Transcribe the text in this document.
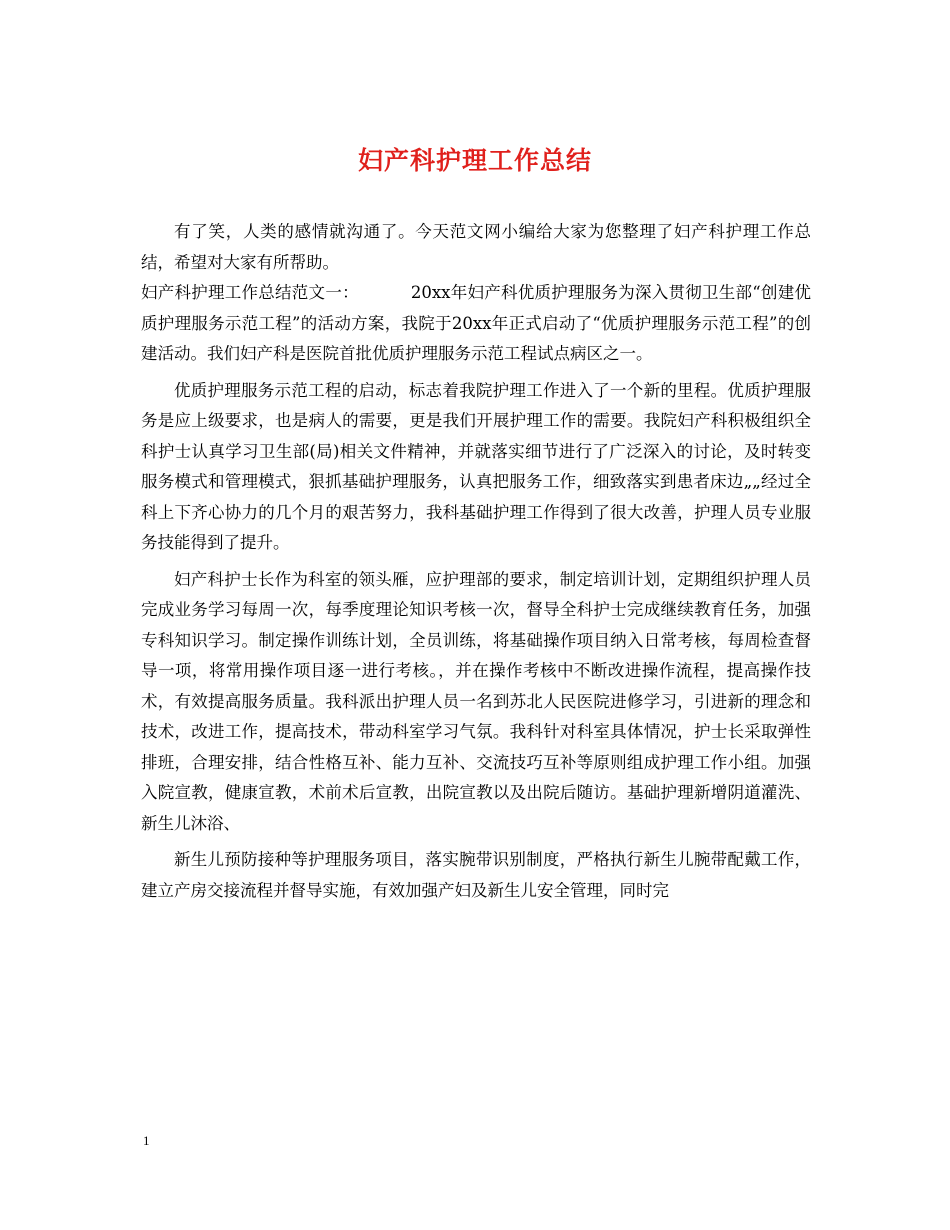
妇产科护理工作总结

有了笑，人类的感情就沟通了。今天范文网小编给大家为您整理了妇产科护理工作总结，希望对大家有所帮助。

妇产科护理工作总结范文一：	20xx年妇产科优质护理服务为深入贯彻卫生部“创建优质护理服务示范工程”的活动方案，我院于20xx年正式启动了“优质护理服务示范工程”的创建活动。我们妇产科是医院首批优质护理服务示范工程试点病区之一。

优质护理服务示范工程的启动，标志着我院护理工作进入了一个新的里程。优质护理服务是应上级要求，也是病人的需要，更是我们开展护理工作的需要。我院妇产科积极组织全科护士认真学习卫生部(局)相关文件精神，并就落实细节进行了广泛深入的讨论，及时转变服务模式和管理模式，狠抓基础护理服务，认真把服务工作，细致落实到患者床边„„经过全科上下齐心协力的几个月的艰苦努力，我科基础护理工作得到了很大改善，护理人员专业服务技能得到了提升。

妇产科护士长作为科室的领头雁，应护理部的要求，制定培训计划，定期组织护理人员完成业务学习每周一次，每季度理论知识考核一次，督导全科护士完成继续教育任务，加强专科知识学习。制定操作训练计划，全员训练，将基础操作项目纳入日常考核，每周检查督导一项，将常用操作项目逐一进行考核。，并在操作考核中不断改进操作流程，提高操作技术，有效提高服务质量。我科派出护理人员一名到苏北人民医院进修学习，引进新的理念和技术，改进工作，提高技术，带动科室学习气氛。我科针对科室具体情况，护士长采取弹性排班，合理安排，结合性格互补、能力互补、交流技巧互补等原则组成护理工作小组。加强入院宣教，健康宣教，术前术后宣教，出院宣教以及出院后随访。基础护理新增阴道灌洗、新生儿沐浴、

新生儿预防接种等护理服务项目，落实腕带识别制度，严格执行新生儿腕带配戴工作，建立产房交接流程并督导实施，有效加强产妇及新生儿安全管理，同时完

1
